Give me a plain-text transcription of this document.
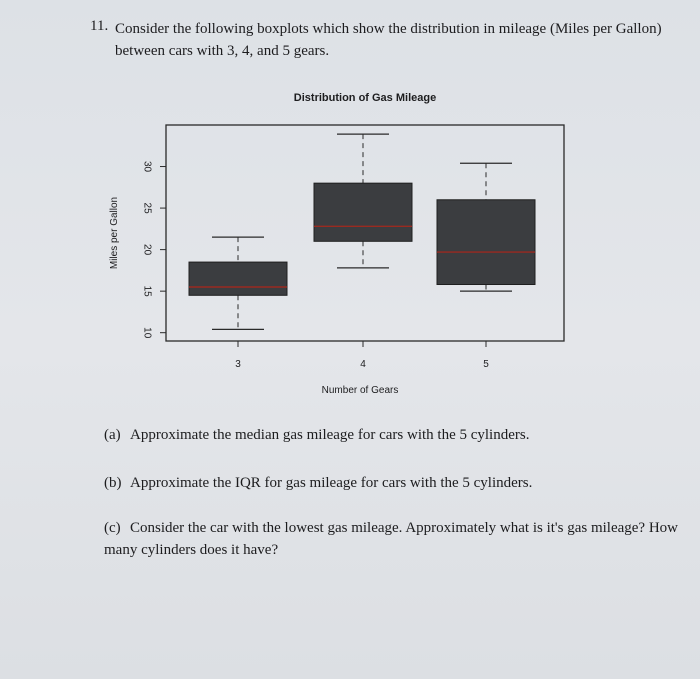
11. Consider the following boxplots which show the distribution in mileage (Miles per Gallon) between cars with 3, 4, and 5 gears.
Distribution of Gas Mileage
10
15
20
25
30
Miles per Gallon
3	4	5
Number of Gears
(a) Approximate the median gas mileage for cars with the 5 cylinders.
(b) Approximate the IQR for gas mileage for cars with the 5 cylinders.
(c) Consider the car with the lowest gas mileage. Approximately what is it's gas mileage? How many cylinders does it have?
